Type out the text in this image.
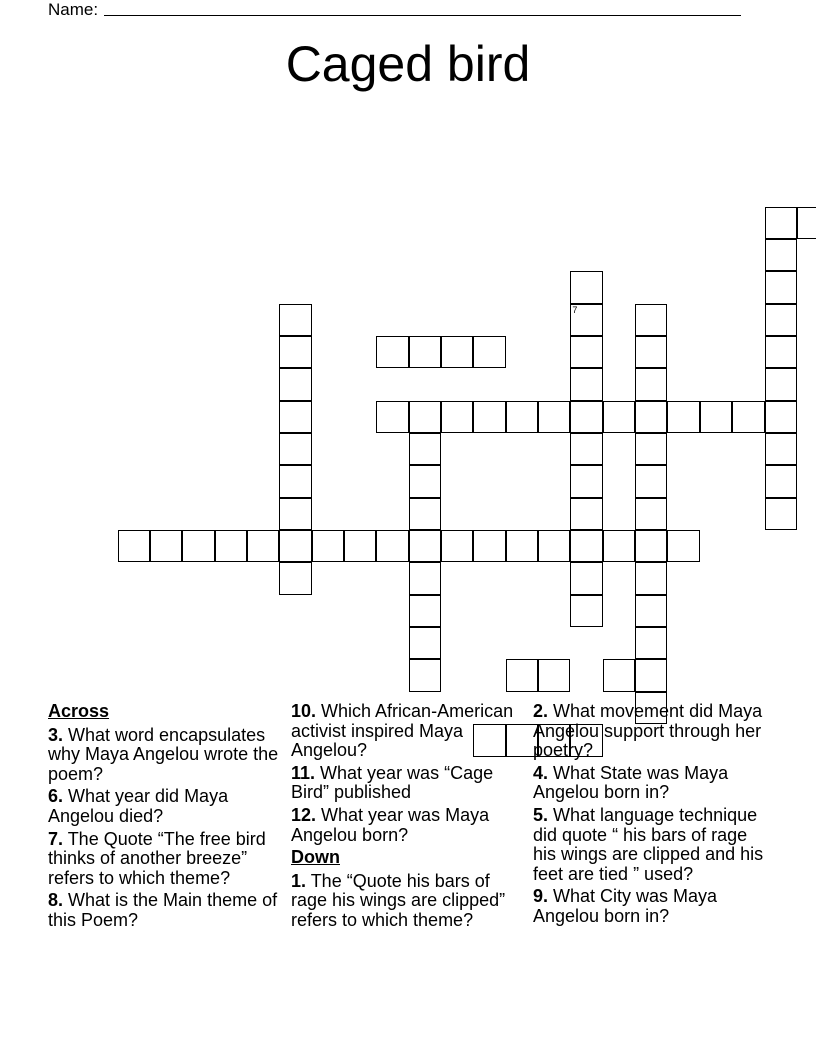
Name:
Caged bird
7
Across
3. What word encapsulates why Maya Angelou wrote the poem?
6. What year did Maya Angelou died?
7. The Quote “The free bird thinks of another breeze” refers to which theme?
8. What is the Main theme of this Poem?
10. Which African-American activist inspired Maya Angelou?
11. What year was “Cage Bird” published
12. What year was Maya Angelou born?
Down
1. The “Quote his bars of rage his wings are clipped” refers to which theme?
2. What movement did Maya Angelou support through her poetry?
4. What State was Maya Angelou born in?
5. What language technique did quote “ his bars of rage his wings are clipped and his feet are tied ” used?
9. What City was Maya Angelou born in?
